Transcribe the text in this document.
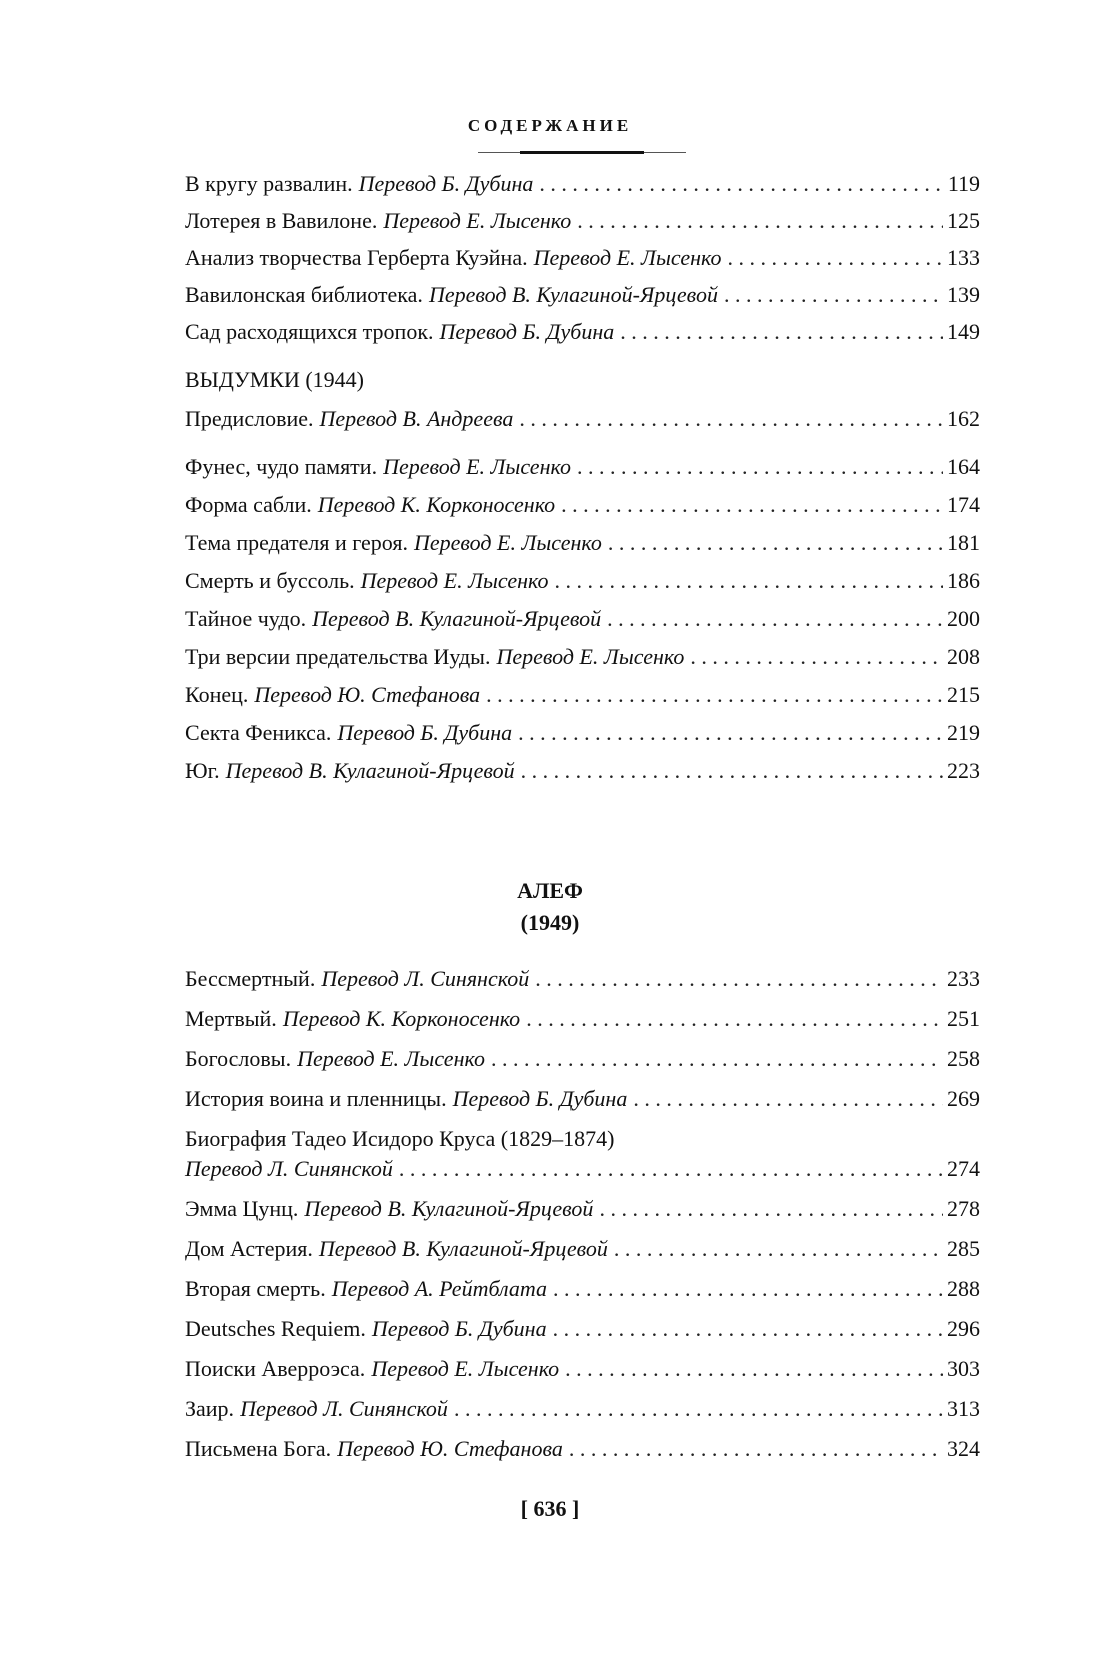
СОДЕРЖАНИЕ
В кругу развалин. Перевод Б. Дубина . . .	119
Лотерея в Вавилоне. Перевод Е. Лысенко . . .	125
Анализ творчества Герберта Куэйна. Перевод Е. Лысенко . . .	133
Вавилонская библиотека. Перевод В. Кулагиной-Ярцевой . . .	139
Сад расходящихся тропок. Перевод Б. Дубина . . .	149
ВЫДУМКИ (1944)
Предисловие. Перевод В. Андреева . . .	162
Фунес, чудо памяти. Перевод Е. Лысенко . . .	164
Форма сабли. Перевод К. Корконосенко . . .	174
Тема предателя и героя. Перевод Е. Лысенко . . .	181
Смерть и буссоль. Перевод Е. Лысенко . . .	186
Тайное чудо. Перевод В. Кулагиной-Ярцевой . . .	200
Три версии предательства Иуды. Перевод Е. Лысенко . . .	208
Конец. Перевод Ю. Стефанова . . .	215
Секта Феникса. Перевод Б. Дубина . . .	219
Юг. Перевод В. Кулагиной-Ярцевой . . .	223
АЛЕФ
(1949)
Бессмертный. Перевод Л. Синянской . . .	233
Мертвый. Перевод К. Корконосенко . . .	251
Богословы. Перевод Е. Лысенко . . .	258
История воина и пленницы. Перевод Б. Дубина . . .	269
Биография Тадео Исидоро Круса (1829–1874)
Перевод Л. Синянской . . .	274
Эмма Цунц. Перевод В. Кулагиной-Ярцевой . . .	278
Дом Астерия. Перевод В. Кулагиной-Ярцевой . . .	285
Вторая смерть. Перевод А. Рейтблата . . .	288
Deutsches Requiem. Перевод Б. Дубина . . .	296
Поиски Аверроэса. Перевод Е. Лысенко . . .	303
Заир. Перевод Л. Синянской . . .	313
Письмена Бога. Перевод Ю. Стефанова . . .	324
[ 636 ]
